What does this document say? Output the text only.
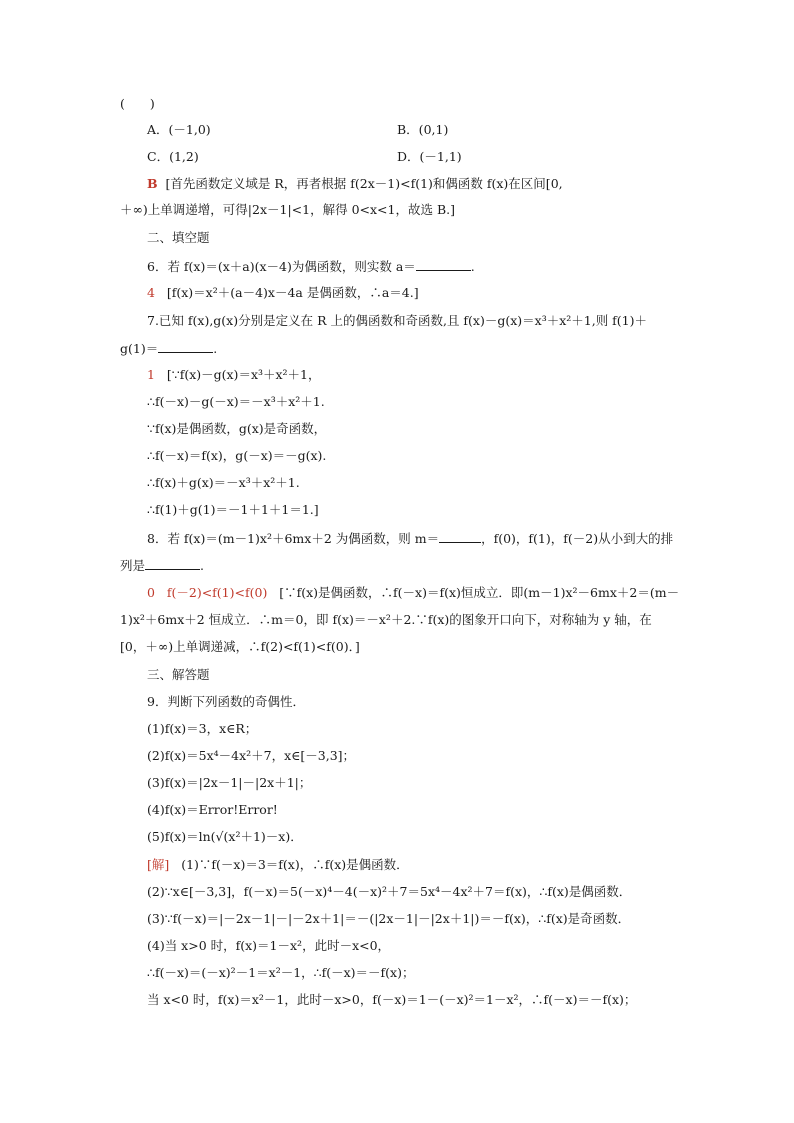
(　　)
A．(－1,0)	B．(0,1)
C．(1,2)	D．(－1,1)
B [首先函数定义域是 R，再者根据 f(2x－1)<f(1)和偶函数 f(x)在区间[0,
＋∞)上单调递增，可得|2x－1|<1，解得 0<x<1，故选 B.]
二、填空题
6．若 f(x)＝(x＋a)(x－4)为偶函数，则实数 a＝	.
4 [f(x)＝x²＋(a－4)x－4a 是偶函数，∴a＝4.]
7.已知 f(x),g(x)分别是定义在 R 上的偶函数和奇函数,且 f(x)－g(x)＝x³＋x²＋1,则 f(1)＋
g(1)＝	.
1 [∵f(x)－g(x)＝x³＋x²＋1，
∴f(－x)－g(－x)＝－x³＋x²＋1.
∵f(x)是偶函数，g(x)是奇函数，
∴f(－x)＝f(x)，g(－x)＝－g(x).
∴f(x)＋g(x)＝－x³＋x²＋1.
∴f(1)＋g(1)＝－1＋1＋1＝1.]
8．若 f(x)＝(m－1)x²＋6mx＋2 为偶函数，则 m＝	，f(0)，f(1)，f(－2)从小到大的排
列是	.
0 f(－2)<f(1)<f(0) [∵f(x)是偶函数，∴f(－x)＝f(x)恒成立．即(m－1)x²－6mx＋2＝(m－
1)x²＋6mx＋2 恒成立．∴m＝0，即 f(x)＝－x²＋2.∵f(x)的图象开口向下，对称轴为 y 轴，在
[0，＋∞)上单调递减，∴f(2)<f(1)<f(0)．]
三、解答题
9．判断下列函数的奇偶性．
(1)f(x)＝3，x∈R；
(2)f(x)＝5x⁴－4x²＋7，x∈[－3,3]；
(3)f(x)＝|2x－1|－|2x＋1|；
(4)f(x)＝Error!Error!
(5)f(x)＝ln(√(x²＋1)－x)．
[解] (1)∵f(－x)＝3＝f(x)，∴f(x)是偶函数．
(2)∵x∈[－3,3]，f(－x)＝5(－x)⁴－4(－x)²＋7＝5x⁴－4x²＋7＝f(x)，∴f(x)是偶函数．
(3)∵f(－x)＝|－2x－1|－|－2x＋1|＝－(|2x－1|－|2x＋1|)＝－f(x)，∴f(x)是奇函数．
(4)当 x>0 时，f(x)＝1－x²，此时－x<0，
∴f(－x)＝(－x)²－1＝x²－1，∴f(－x)＝－f(x)；
当 x<0 时，f(x)＝x²－1，此时－x>0，f(－x)＝1－(－x)²＝1－x²，∴f(－x)＝－f(x)；
